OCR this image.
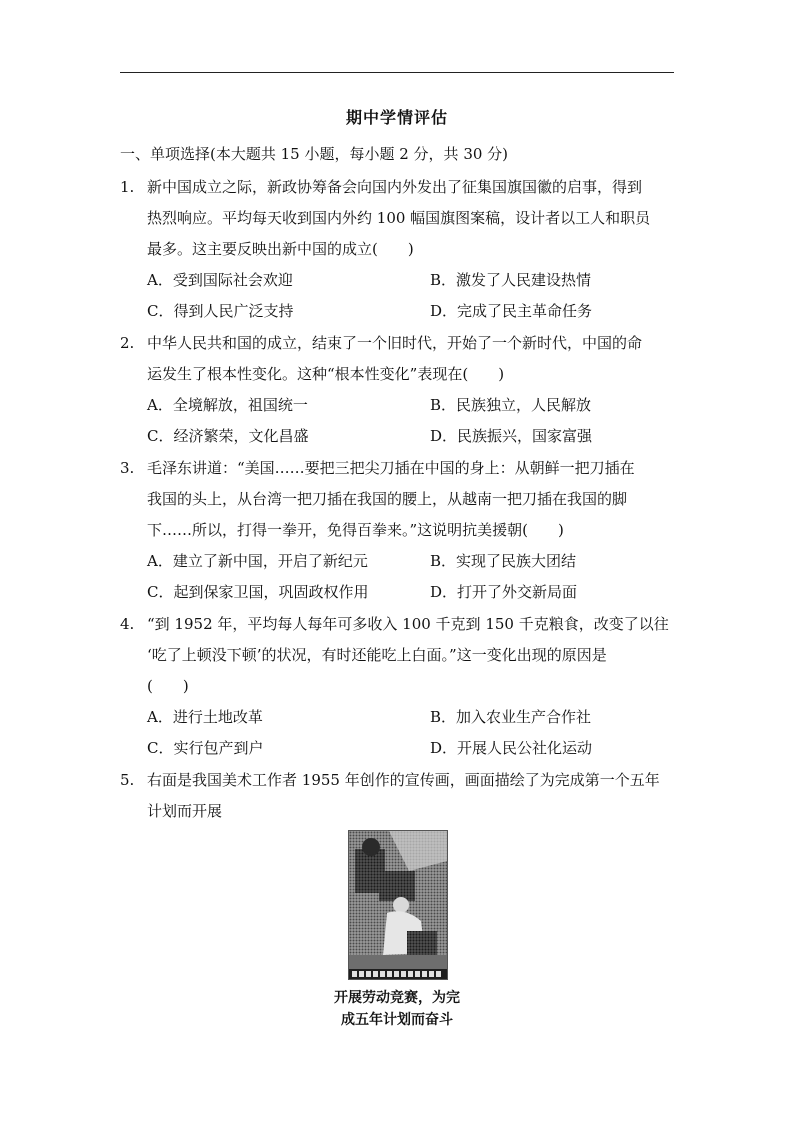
期中学情评估
一、单项选择(本大题共 15 小题，每小题 2 分，共 30 分)
1. 新中国成立之际，新政协筹备会向国内外发出了征集国旗国徽的启事，得到
热烈响应。平均每天收到国内外约 100 幅国旗图案稿，设计者以工人和职员
最多。这主要反映出新中国的成立(　　)
A．受到国际社会欢迎	B．激发了人民建设热情
C．得到人民广泛支持	D．完成了民主革命任务
2. 中华人民共和国的成立，结束了一个旧时代，开始了一个新时代，中国的命
运发生了根本性变化。这种“根本性变化”表现在(　　)
A．全境解放，祖国统一	B．民族独立，人民解放
C．经济繁荣，文化昌盛	D．民族振兴，国家富强
3. 毛泽东讲道：“美国……要把三把尖刀插在中国的身上：从朝鲜一把刀插在
我国的头上，从台湾一把刀插在我国的腰上，从越南一把刀插在我国的脚
下……所以，打得一拳开，免得百拳来。”这说明抗美援朝(　　)
A．建立了新中国，开启了新纪元	B．实现了民族大团结
C．起到保家卫国，巩固政权作用	D．打开了外交新局面
4. “到 1952 年，平均每人每年可多收入 100 千克到 150 千克粮食，改变了以往
‘吃了上顿没下顿’的状况，有时还能吃上白面。”这一变化出现的原因是
(　　)
A．进行土地改革	B．加入农业生产合作社
C．实行包产到户	D．开展人民公社化运动
5. 右面是我国美术工作者 1955 年创作的宣传画，画面描绘了为完成第一个五年
计划而开展
开展劳动竞赛，为完
成五年计划而奋斗
